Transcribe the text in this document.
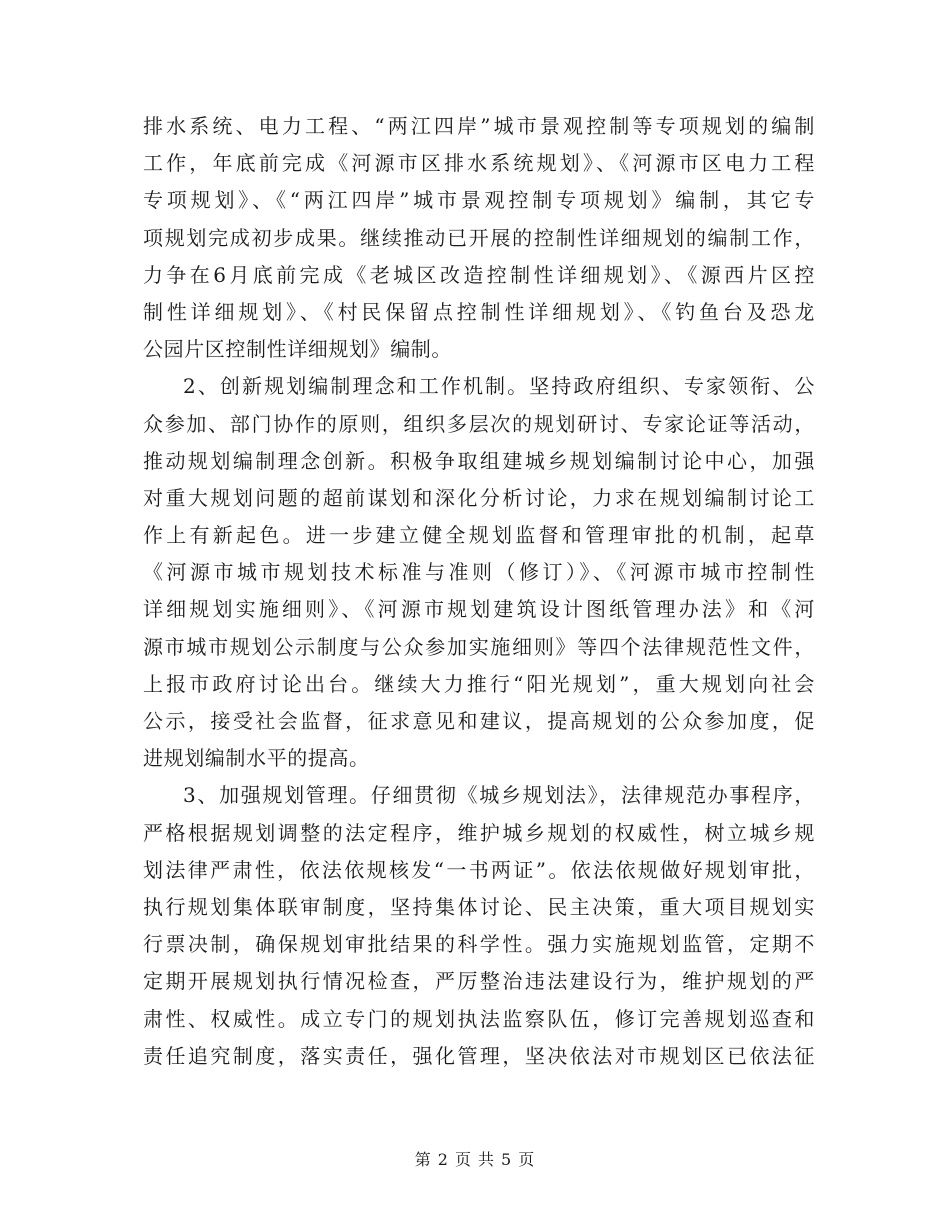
排水系统、电力工程、“两江四岸”城市景观控制等专项规划的编制
工作，年底前完成《河源市区排水系统规划》、《河源市区电力工程
专项规划》、《“两江四岸”城市景观控制专项规划》编制，其它专
项规划完成初步成果。继续推动已开展的控制性详细规划的编制工作，
力争在6月底前完成《老城区改造控制性详细规划》、《源西片区控
制性详细规划》、《村民保留点控制性详细规划》、《钓鱼台及恐龙
公园片区控制性详细规划》编制。
2、创新规划编制理念和工作机制。坚持政府组织、专家领衔、公
众参加、部门协作的原则，组织多层次的规划研讨、专家论证等活动，
推动规划编制理念创新。积极争取组建城乡规划编制讨论中心，加强
对重大规划问题的超前谋划和深化分析讨论，力求在规划编制讨论工
作上有新起色。进一步建立健全规划监督和管理审批的机制，起草
《河源市城市规划技术标准与准则（修订）》、《河源市城市控制性
详细规划实施细则》、《河源市规划建筑设计图纸管理办法》和《河
源市城市规划公示制度与公众参加实施细则》等四个法律规范性文件，
上报市政府讨论出台。继续大力推行“阳光规划”，重大规划向社会
公示，接受社会监督，征求意见和建议，提高规划的公众参加度，促
进规划编制水平的提高。
3、加强规划管理。仔细贯彻《城乡规划法》，法律规范办事程序，
严格根据规划调整的法定程序，维护城乡规划的权威性，树立城乡规
划法律严肃性，依法依规核发“一书两证”。依法依规做好规划审批，
执行规划集体联审制度，坚持集体讨论、民主决策，重大项目规划实
行票决制，确保规划审批结果的科学性。强力实施规划监管，定期不
定期开展规划执行情况检查，严厉整治违法建设行为，维护规划的严
肃性、权威性。成立专门的规划执法监察队伍，修订完善规划巡查和
责任追究制度，落实责任，强化管理，坚决依法对市规划区已依法征
第 2 页 共 5 页
